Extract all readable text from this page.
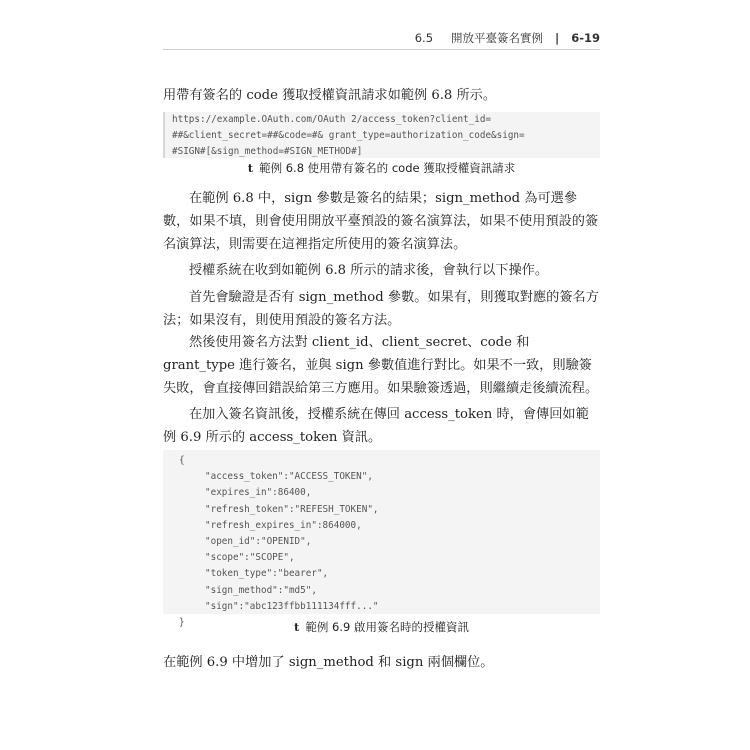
6.5 開放平臺簽名實例 | 6-19
用帶有簽名的 code 獲取授權資訊請求如範例 6.8 所示。
https://example.OAuth.com/OAuth 2/access_token?client_id=
##&client_secret=##&code=#& grant_type=authorization_code&sign=
#SIGN#[&sign_method=#SIGN_METHOD#]
t 範例 6.8 使用帶有簽名的 code 獲取授權資訊請求
在範例 6.8 中，sign 參數是簽名的結果；sign_method 為可選參數，如果不填，則會使用開放平臺預設的簽名演算法，如果不使用預設的簽名演算法，則需要在這裡指定所使用的簽名演算法。
授權系統在收到如範例 6.8 所示的請求後，會執行以下操作。
首先會驗證是否有 sign_method 參數。如果有，則獲取對應的簽名方法；如果沒有，則使用預設的簽名方法。
然後使用簽名方法對 client_id、client_secret、code 和 grant_type 進行簽名，並與 sign 參數值進行對比。如果不一致，則驗簽失敗，會直接傳回錯誤給第三方應用。如果驗簽透過，則繼續走後續流程。
在加入簽名資訊後，授權系統在傳回 access_token 時，會傳回如範例 6.9 所示的 access_token 資訊。
{
"access_token":"ACCESS_TOKEN",
"expires_in":86400,
"refresh_token":"REFESH_TOKEN",
"refresh_expires_in":864000,
"open_id":"OPENID",
"scope":"SCOPE",
"token_type":"bearer",
"sign_method":"md5",
"sign":"abc123ffbb111134fff..."
}	t 範例 6.9 啟用簽名時的授權資訊
在範例 6.9 中增加了 sign_method 和 sign 兩個欄位。
